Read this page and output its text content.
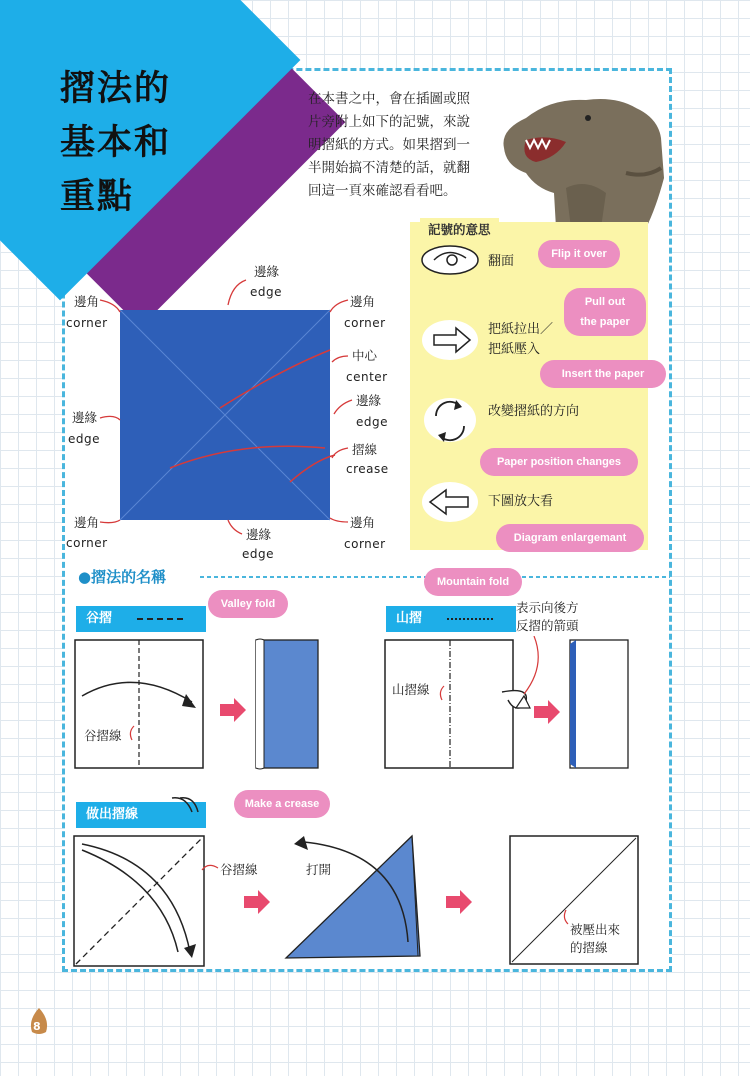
摺法的
基本和
重點
在本書之中，會在插圖或照
片旁附上如下的記號，來說
明摺紙的方式。如果摺到一
半開始搞不清楚的話，就翻
回這一頁來確認看看吧。
邊角
corner
邊緣
edge
邊角
corner
中心
center
邊緣
edge
邊緣
edge
摺線
crease
邊角
corner
邊緣
edge
邊角
corner
記號的意思
翻面	Flip it over
Pull out
the paper
把紙拉出／
把紙壓入
Insert the paper
改變摺紙的方向
Paper position changes
下圖放大看
Diagram enlargemant
●摺法的名稱	Mountain fold
Valley fold
谷摺	山摺
表示向後方
反摺的箭頭
谷摺線
山摺線
Make a crease
做出摺線
谷摺線	打開
被壓出來
的摺線
8
